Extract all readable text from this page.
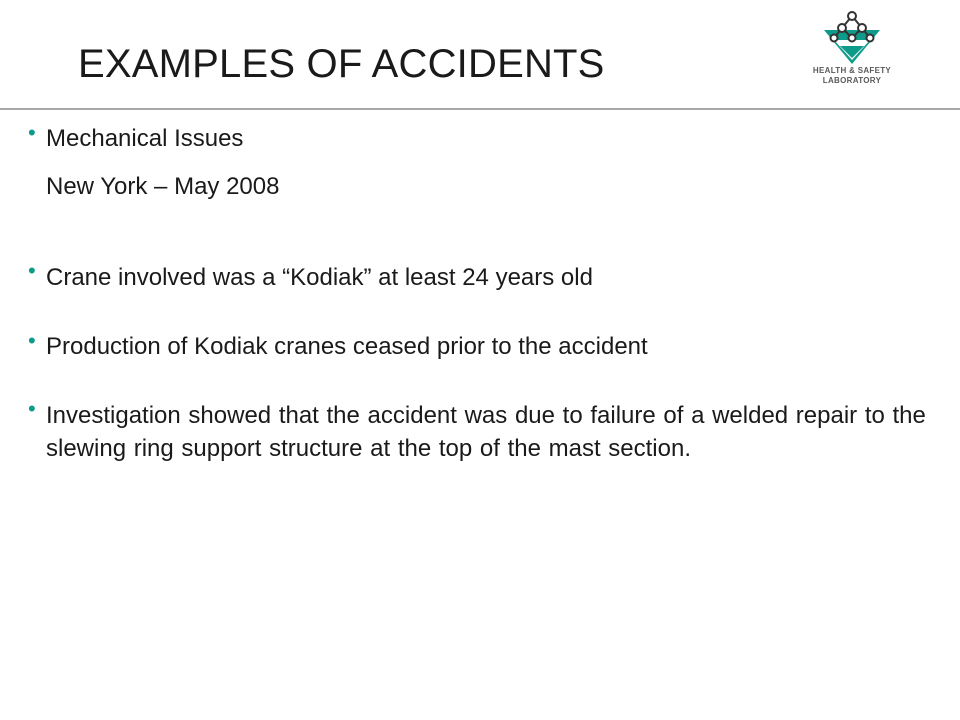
EXAMPLES OF ACCIDENTS	HEALTH & SAFETY
LABORATORY
• Mechanical Issues
New York – May 2008
• Crane involved was a “Kodiak” at least 24 years old
• Production of Kodiak cranes ceased prior to the accident
• Investigation showed that the accident was due to failure of a welded repair to the slewing ring support structure at the top of the mast section.
